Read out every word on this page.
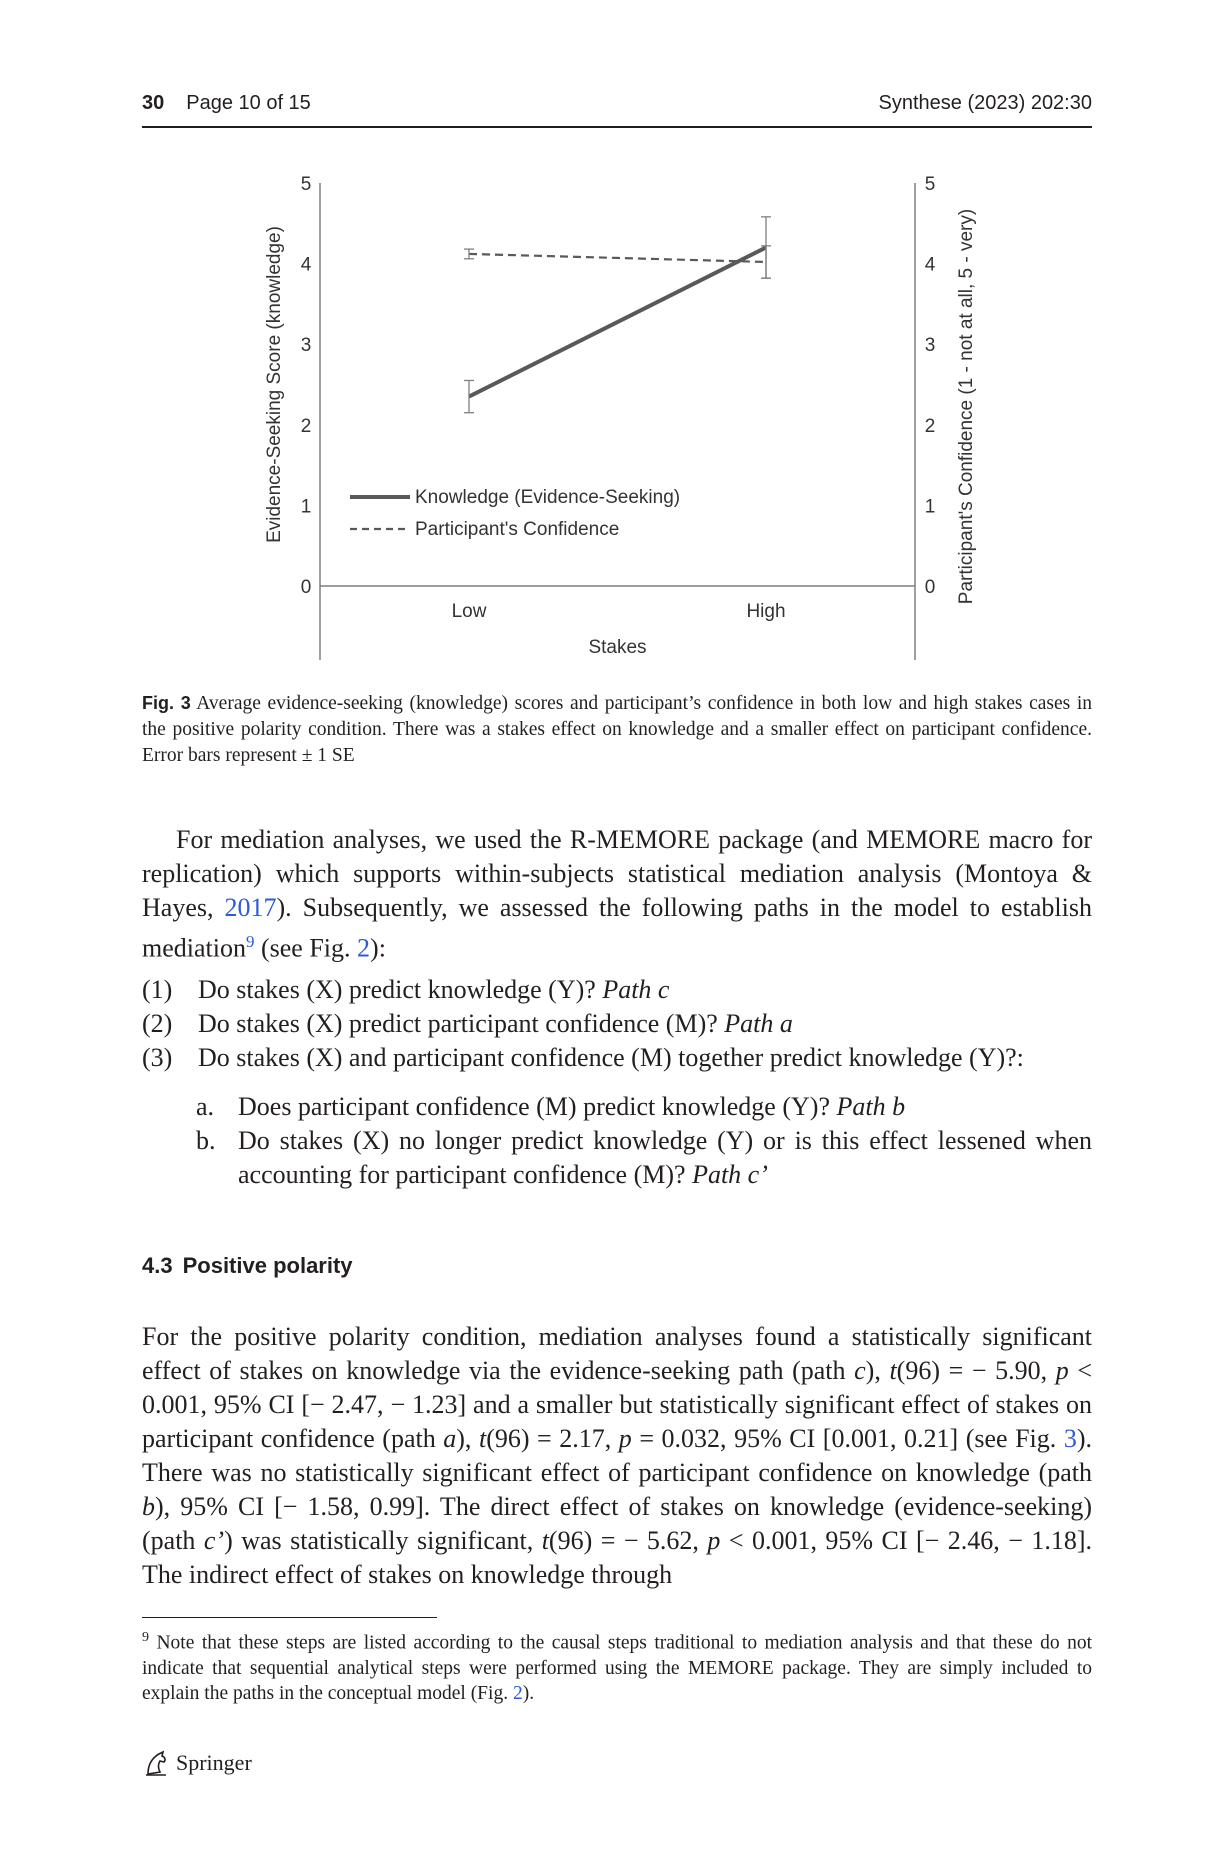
30 Page 10 of 15	Synthese (2023) 202:30
0	0
1	1
2	2
3	3
4	4
5	5
Low	High
Stakes
Evidence-Seeking Score (knowledge)	Participant's Confidence (1 - not at all, 5 - very)
Knowledge (Evidence-Seeking)
Participant's Confidence
Fig. 3 Average evidence-seeking (knowledge) scores and participant’s confidence in both low and high stakes cases in the positive polarity condition. There was a stakes effect on knowledge and a smaller effect on participant confidence. Error bars represent ± 1 SE
For mediation analyses, we used the R-MEMORE package (and MEMORE macro for replication) which supports within-subjects statistical mediation analysis (Montoya & Hayes, 2017). Subsequently, we assessed the following paths in the model to establish mediation$^9$ (see Fig. 2):
(1) Do stakes (X) predict knowledge (Y)? Path c
(2) Do stakes (X) predict participant confidence (M)? Path a
(3) Do stakes (X) and participant confidence (M) together predict knowledge (Y)?:
a. Does participant confidence (M) predict knowledge (Y)? Path b
b. Do stakes (X) no longer predict knowledge (Y) or is this effect lessened when accounting for participant confidence (M)? Path c’
4.3 Positive polarity
For the positive polarity condition, mediation analyses found a statistically significant effect of stakes on knowledge via the evidence-seeking path (path c), t(96) = − 5.90, p < 0.001, 95% CI [− 2.47, − 1.23] and a smaller but statistically significant effect of stakes on participant confidence (path a), t(96) = 2.17, p = 0.032, 95% CI [0.001, 0.21] (see Fig. 3). There was no statistically significant effect of participant confidence on knowledge (path b), 95% CI [− 1.58, 0.99]. The direct effect of stakes on knowledge (evidence-seeking) (path c’) was statistically significant, t(96) = − 5.62, p < 0.001, 95% CI [− 2.46, − 1.18]. The indirect effect of stakes on knowledge through
$^9$ Note that these steps are listed according to the causal steps traditional to mediation analysis and that these do not indicate that sequential analytical steps were performed using the MEMORE package. They are simply included to explain the paths in the conceptual model (Fig. 2).
Springer
